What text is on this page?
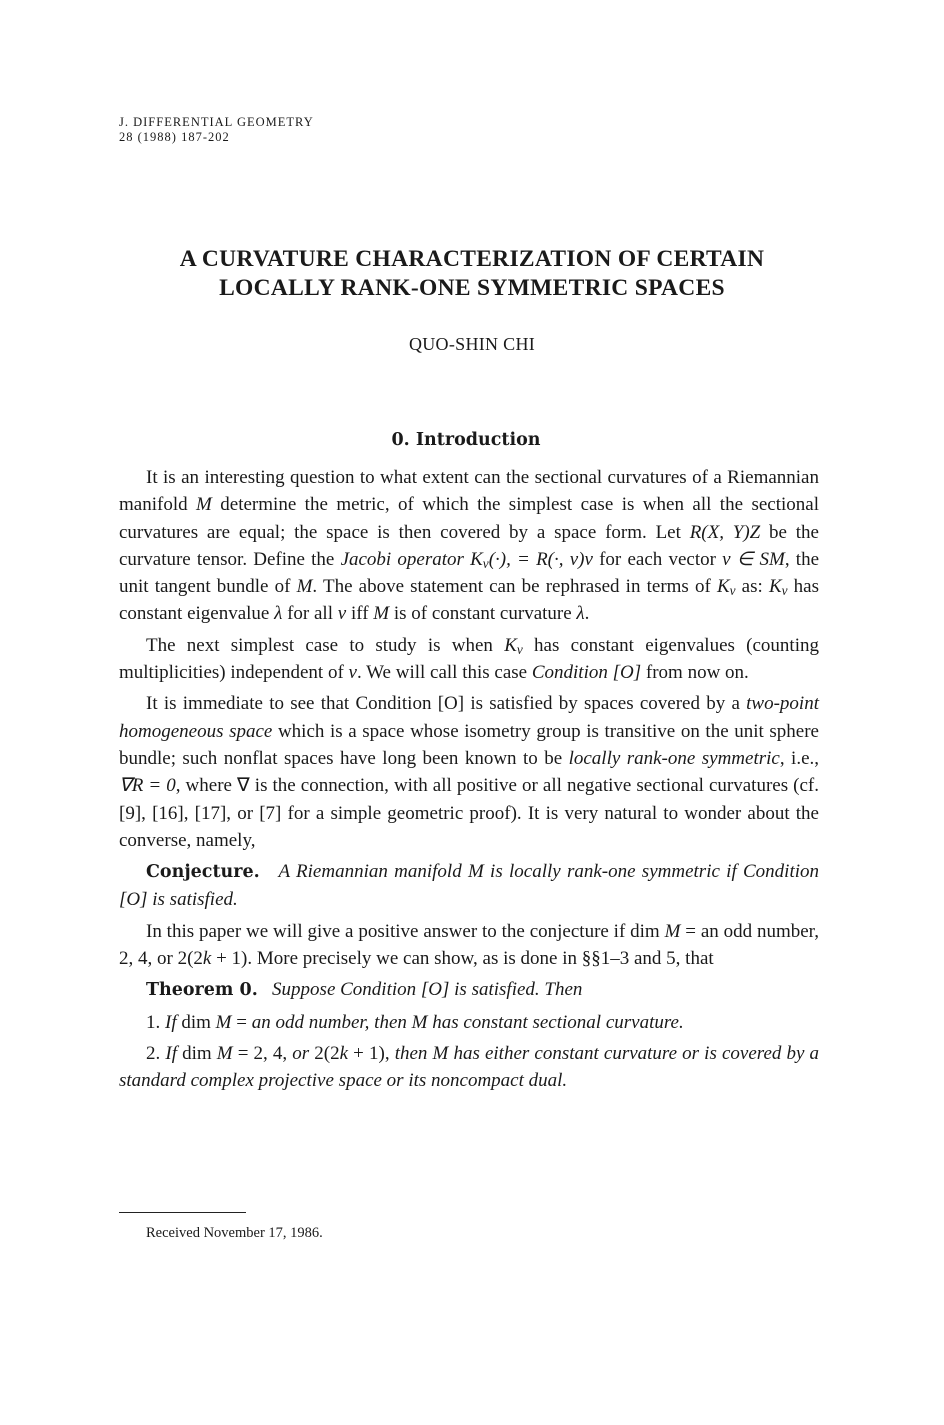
J. DIFFERENTIAL GEOMETRY
28 (1988) 187-202
A CURVATURE CHARACTERIZATION OF CERTAIN
LOCALLY RANK-ONE SYMMETRIC SPACES
QUO-SHIN CHI
0. Introduction

It is an interesting question to what extent can the sectional curvatures of a Riemannian manifold M determine the metric, of which the simplest case is when all the sectional curvatures are equal; the space is then covered by a space form. Let R(X, Y)Z be the curvature tensor. Define the Jacobi operator $K_v(\cdot)$, = R(·, v)v for each vector v ∈ SM, the unit tangent bundle of M. The above statement can be rephrased in terms of $K_v$ as: $K_v$ has constant eigenvalue λ for all v iff M is of constant curvature λ.

The next simplest case to study is when $K_v$ has constant eigenvalues (counting multiplicities) independent of v. We will call this case Condition [O] from now on.

It is immediate to see that Condition [O] is satisfied by spaces covered by a two-point homogeneous space which is a space whose isometry group is transitive on the unit sphere bundle; such nonflat spaces have long been known to be locally rank-one symmetric, i.e., ∇R = 0, where ∇ is the connection, with all positive or all negative sectional curvatures (cf. [9], [16], [17], or [7] for a simple geometric proof). It is very natural to wonder about the converse, namely,

Conjecture. A Riemannian manifold M is locally rank-one symmetric if Condition [O] is satisfied.

In this paper we will give a positive answer to the conjecture if dim M = an odd number, 2, 4, or 2(2k + 1). More precisely we can show, as is done in §§1–3 and 5, that

Theorem 0. Suppose Condition [O] is satisfied. Then

1. If dim M = an odd number, then M has constant sectional curvature.

2. If dim M = 2, 4, or 2(2k + 1), then M has either constant curvature or is covered by a standard complex projective space or its noncompact dual.

Received November 17, 1986.
